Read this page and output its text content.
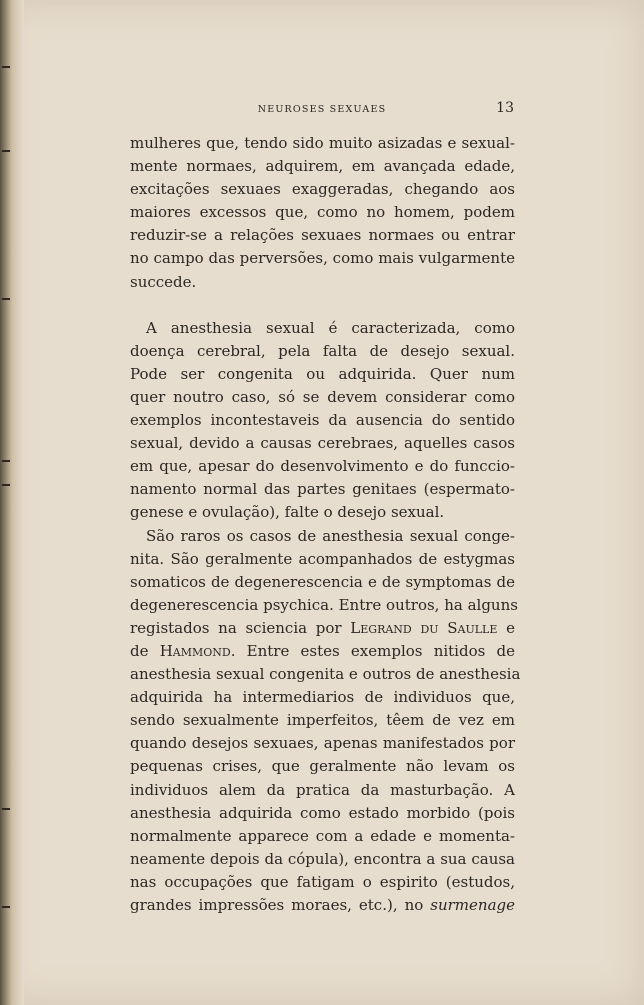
NEUROSES SEXUAES	13
mulheres que, tendo sido muito asizadas e sexual-
mente normaes, adquirem, em avançada edade,
excitações sexuaes exaggeradas, chegando aos
maiores excessos que, como no homem, podem
reduzir-se a relações sexuaes normaes ou entrar
no campo das perversões, como mais vulgarmente
succede.
A anesthesia sexual é caracterizada, como
doença cerebral, pela falta de desejo sexual.
Pode ser congenita ou adquirida. Quer num
quer noutro caso, só se devem considerar como
exemplos incontestaveis da ausencia do sentido
sexual, devido a causas cerebraes, aquelles casos
em que, apesar do desenvolvimento e do funccio-
namento normal das partes genitaes (espermato-
genese e ovulação), falte o desejo sexual.
São raros os casos de anesthesia sexual conge-
nita. São geralmente acompanhados de estygmas
somaticos de degenerescencia e de symptomas de
degenerescencia psychica. Entre outros, ha alguns
registados na sciencia por Legrand du Saulle e
de Hammond. Entre estes exemplos nitidos de
anesthesia sexual congenita e outros de anesthesia
adquirida ha intermediarios de individuos que,
sendo sexualmente imperfeitos, têem de vez em
quando desejos sexuaes, apenas manifestados por
pequenas crises, que geralmente não levam os
individuos alem da pratica da masturbação. A
anesthesia adquirida como estado morbido (pois
normalmente apparece com a edade e momenta-
neamente depois da cópula), encontra a sua causa
nas occupações que fatigam o espirito (estudos,
grandes impressões moraes, etc.), no surmenage
